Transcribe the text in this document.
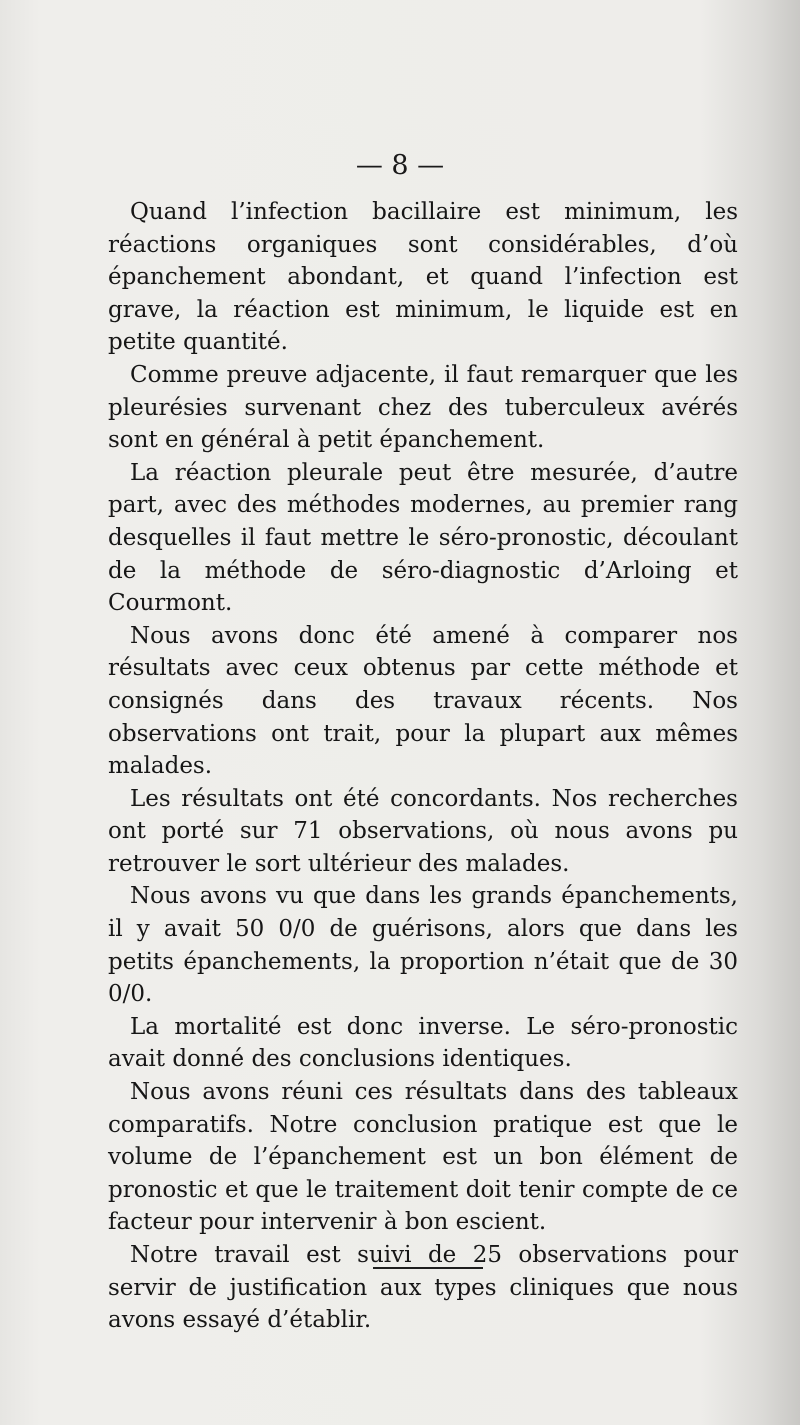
— 8 —

Quand l’infection bacillaire est minimum, les réactions organiques sont considérables, d’où épanchement abondant, et quand l’infection est grave, la réaction est minimum, le liquide est en petite quantité.

Comme preuve adjacente, il faut remarquer que les pleurésies survenant chez des tuberculeux avérés sont en général à petit épanchement.

La réaction pleurale peut être mesurée, d’autre part, avec des méthodes modernes, au premier rang desquelles il faut mettre le séro-pronostic, découlant de la méthode de séro-diagnostic d’Arloing et Courmont.

Nous avons donc été amené à comparer nos résultats avec ceux obtenus par cette méthode et consignés dans des travaux récents. Nos observations ont trait, pour la plupart aux mêmes malades.

Les résultats ont été concordants. Nos recherches ont porté sur 71 observations, où nous avons pu retrouver le sort ultérieur des malades.

Nous avons vu que dans les grands épanchements, il y avait 50 0/0 de guérisons, alors que dans les petits épanchements, la proportion n’était que de 30 0/0.

La mortalité est donc inverse. Le séro-pronostic avait donné des conclusions identiques.

Nous avons réuni ces résultats dans des tableaux comparatifs. Notre conclusion pratique est que le volume de l’épanchement est un bon élément de pronostic et que le traitement doit tenir compte de ce facteur pour intervenir à bon escient.

Notre travail est suivi de 25 observations pour servir de justification aux types cliniques que nous avons essayé d’établir.
